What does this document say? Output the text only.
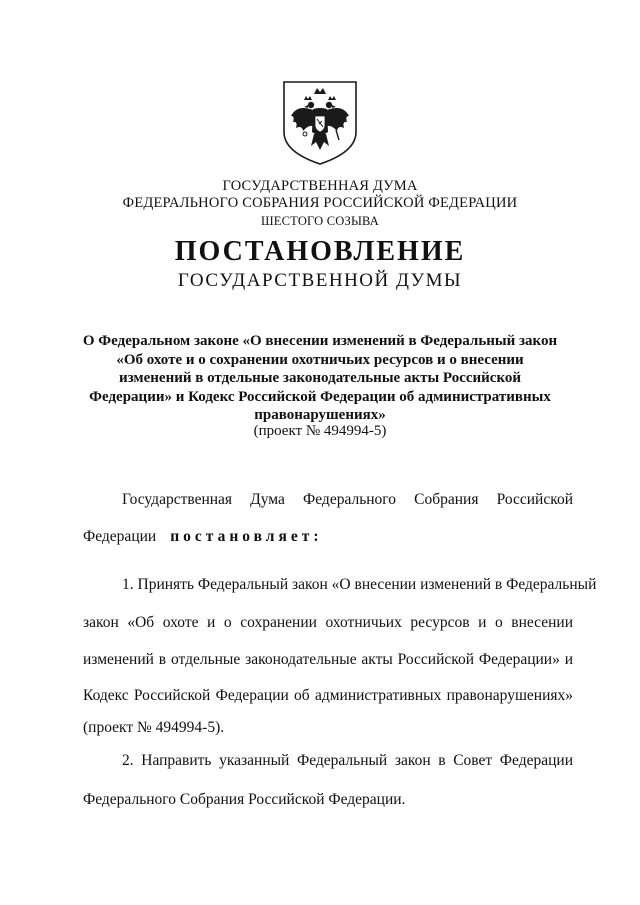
ГОСУДАРСТВЕННАЯ ДУМА
ФЕДЕРАЛЬНОГО СОБРАНИЯ РОССИЙСКОЙ ФЕДЕРАЦИИ
ШЕСТОГО СОЗЫВА
ПОСТАНОВЛЕНИЕ
ГОСУДАРСТВЕННОЙ ДУМЫ
О Федеральном законе «О внесении изменений в Федеральный закон
«Об охоте и о сохранении охотничьих ресурсов и о внесении
изменений в отдельные законодательные акты Российской
Федерации» и Кодекс Российской Федерации об административных
правонарушениях»
(проект № 494994-5)
Государственная Дума Федерального Собрания Российской
Федерации постановляет:
1. Принять Федеральный закон «О внесении изменений в Федеральный
закон «Об охоте и о сохранении охотничьих ресурсов и о внесении
изменений в отдельные законодательные акты Российской Федерации» и
Кодекс Российской Федерации об административных правонарушениях»
(проект № 494994-5).
2. Направить указанный Федеральный закон в Совет Федерации
Федерального Собрания Российской Федерации.
